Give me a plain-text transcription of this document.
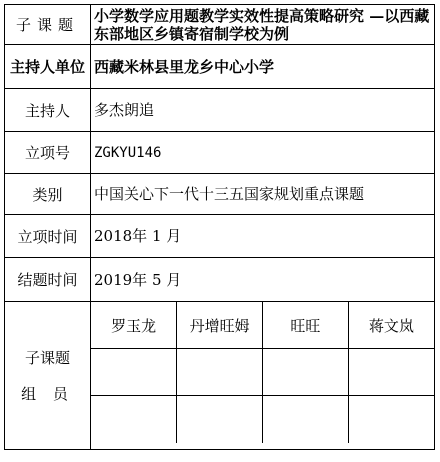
子课题	小学数学应用题教学实效性提高策略研究 —以西藏东部地区乡镇寄宿制学校为例
主持人单位	西藏米林县里龙乡中心小学
主持人	多杰朗追
立项号	ZGKYU146
类别	中国关心下一代十三五国家规划重点课题
立项时间	2018年 1 月
结题时间	2019年 5 月

子课题
组 员

罗玉龙	丹增旺姆	旺旺	蒋文岚
